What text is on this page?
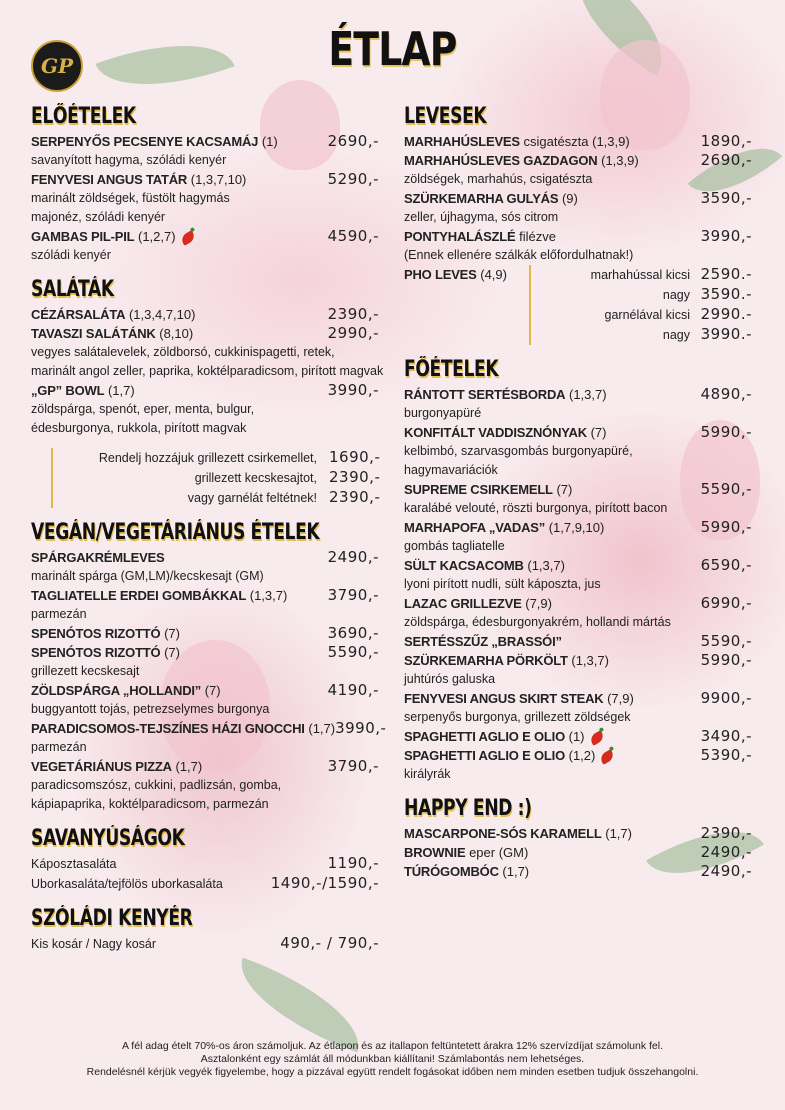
GP	ÉTLAP
ELŐÉTELEK
SERPENYŐS PECSENYE KACSAMÁJ (1)	2690,-
savanyított hagyma, szóládi kenyér
FENYVESI ANGUS TATÁR (1,3,7,10)	5290,-
marinált zöldségek, füstölt hagymás
majonéz, szóládi kenyér
GAMBAS PIL-PIL (1,2,7)	4590,-
szóládi kenyér
SALÁTÁK
CÉZÁRSALÁTA (1,3,4,7,10)	2390,-
TAVASZI SALÁTÁNK (8,10)	2990,-
vegyes salátalevelek, zöldborsó, cukkinispagetti, retek,
marinált angol zeller, paprika, koktélparadicsom, pirított magvak
„GP” BOWL (1,7)	3990,-
zöldspárga, spenót, eper, menta, bulgur,
édesburgonya, rukkola, pirított magvak
Rendelj hozzájuk grillezett csirkemellet, 1690,-
grillezett kecskesajtot, 2390,-
vagy garnélát feltétnek! 2390,-
VEGÁN/VEGETÁRIÁNUS ÉTELEK
SPÁRGAKRÉMLEVES	2490,-
marinált spárga (GM,LM)/kecskesajt (GM)
TAGLIATELLE ERDEI GOMBÁKKAL (1,3,7)	3790,-
parmezán
SPENÓTOS RIZOTTÓ (7)	3690,-
SPENÓTOS RIZOTTÓ (7)	5590,-
grillezett kecskesajt
ZÖLDSPÁRGA „HOLLANDI” (7)	4190,-
buggyantott tojás, petrezselymes burgonya
PARADICSOMOS-TEJSZÍNES HÁZI GNOCCHI (1,7) 3990,-
parmezán
VEGETÁRIÁNUS PIZZA (1,7)	3790,-
paradicsomszósz, cukkini, padlizsán, gomba,
kápiapaprika, koktélparadicsom, parmezán
SAVANYÚSÁGOK
Káposztasaláta	1190,-
Uborkasaláta/tejfölös uborkasaláta	1490,-/1590,-
SZÓLÁDI KENYÉR
Kis kosár / Nagy kosár	490,- / 790,-
LEVESEK
MARHAHÚSLEVES csigatészta (1,3,9)	1890,-
MARHAHÚSLEVES GAZDAGON (1,3,9)	2690,-
zöldségek, marhahús, csigatészta
SZÜRKEMARHA GULYÁS (9)	3590,-
zeller, újhagyma, sós citrom
PONTYHALÁSZLÉ filézve	3990,-
(Ennek ellenére szálkák előfordulhatnak!)
PHO LEVES (4,9)	marhahússal kicsi 2590.-
nagy 3590.-
garnélával kicsi 2990.-
nagy 3990.-
FŐÉTELEK
RÁNTOTT SERTÉSBORDA (1,3,7)	4890,-
burgonyapüré
KONFITÁLT VADDISZNÓNYAK (7)	5990,-
kelbimbó, szarvasgombás burgonyapüré,
hagymavariációk
SUPREME CSIRKEMELL (7)	5590,-
karalábé velouté, röszti burgonya, pirított bacon
MARHAPOFA „VADAS” (1,7,9,10)	5990,-
gombás tagliatelle
SÜLT KACSACOMB (1,3,7)	6590,-
lyoni pirított nudli, sült káposzta, jus
LAZAC GRILLEZVE (7,9)	6990,-
zöldspárga, édesburgonyakrém, hollandi mártás
SERTÉSSZŰZ „BRASSÓI”	5590,-
SZÜRKEMARHA PÖRKÖLT (1,3,7)	5990,-
juhtúrós galuska
FENYVESI ANGUS SKIRT STEAK (7,9)	9900,-
serpenyős burgonya, grillezett zöldségek
SPAGHETTI AGLIO E OLIO (1)	3490,-
SPAGHETTI AGLIO E OLIO (1,2)	5390,-
királyrák
HAPPY END :)
MASCARPONE-SÓS KARAMELL (1,7)	2390,-
BROWNIE eper (GM)	2490,-
TÚRÓGOMBÓC (1,7)	2490,-
A fél adag ételt 70%-os áron számoljuk. Az étlapon és az itallapon feltüntetett árakra 12% szervízdíjat számolunk fel.
Asztalonként egy számlát áll módunkban kiállítani! Számlabontás nem lehetséges.
Rendelésnél kérjük vegyék figyelembe, hogy a pizzával együtt rendelt fogásokat időben nem minden esetben tudjuk összehangolni.
